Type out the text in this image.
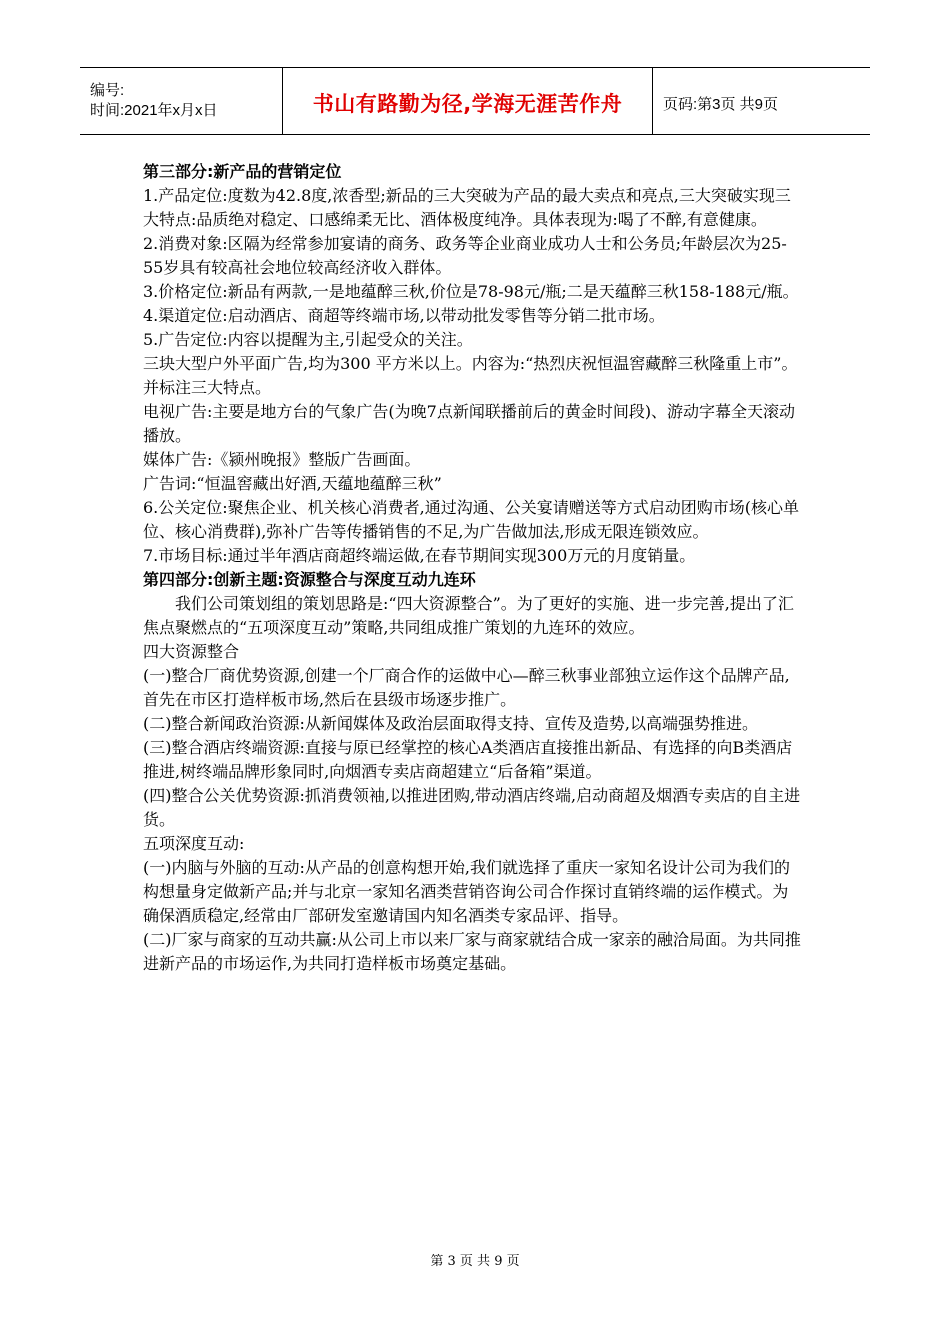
编号:
时间:2021年x月x日	书山有路勤为径,学海无涯苦作舟	页码:第3页 共9页

第三部分:新产品的营销定位

1.产品定位:度数为42.8度,浓香型;新品的三大突破为产品的最大卖点和亮点,三大突破实现三大特点:品质绝对稳定、口感绵柔无比、酒体极度纯净。具体表现为:喝了不醉,有意健康。

2.消费对象:区隔为经常参加宴请的商务、政务等企业商业成功人士和公务员;年龄层次为25-55岁具有较高社会地位较高经济收入群体。

3.价格定位:新品有两款,一是地蕴醉三秋,价位是78-98元/瓶;二是天蕴醉三秋158-188元/瓶。

4.渠道定位:启动酒店、商超等终端市场,以带动批发零售等分销二批市场。

5.广告定位:内容以提醒为主,引起受众的关注。

三块大型户外平面广告,均为300 平方米以上。内容为:“热烈庆祝恒温窖藏醉三秋隆重上市”。并标注三大特点。

电视广告:主要是地方台的气象广告(为晚7点新闻联播前后的黄金时间段)、游动字幕全天滚动播放。

媒体广告:《颍州晚报》整版广告画面。

广告词:“恒温窖藏出好酒,天蕴地蕴醉三秋”

6.公关定位:聚焦企业、机关核心消费者,通过沟通、公关宴请赠送等方式启动团购市场(核心单位、核心消费群),弥补广告等传播销售的不足,为广告做加法,形成无限连锁效应。

7.市场目标:通过半年酒店商超终端运做,在春节期间实现300万元的月度销量。

第四部分:创新主题:资源整合与深度互动九连环

我们公司策划组的策划思路是:“四大资源整合”。为了更好的实施、进一步完善,提出了汇焦点聚燃点的“五项深度互动”策略,共同组成推广策划的九连环的效应。

四大资源整合

(一)整合厂商优势资源,创建一个厂商合作的运做中心—醉三秋事业部独立运作这个品牌产品,首先在市区打造样板市场,然后在县级市场逐步推广。

(二)整合新闻政治资源:从新闻媒体及政治层面取得支持、宣传及造势,以高端强势推进。

(三)整合酒店终端资源:直接与原已经掌控的核心A类酒店直接推出新品、有选择的向B类酒店推进,树终端品牌形象同时,向烟酒专卖店商超建立“后备箱”渠道。

(四)整合公关优势资源:抓消费领袖,以推进团购,带动酒店终端,启动商超及烟酒专卖店的自主进货。

五项深度互动:

(一)内脑与外脑的互动:从产品的创意构想开始,我们就选择了重庆一家知名设计公司为我们的构想量身定做新产品;并与北京一家知名酒类营销咨询公司合作探讨直销终端的运作模式。为确保酒质稳定,经常由厂部研发室邀请国内知名酒类专家品评、指导。

(二)厂家与商家的互动共赢:从公司上市以来厂家与商家就结合成一家亲的融洽局面。为共同推进新产品的市场运作,为共同打造样板市场奠定基础。

第 3 页 共 9 页
